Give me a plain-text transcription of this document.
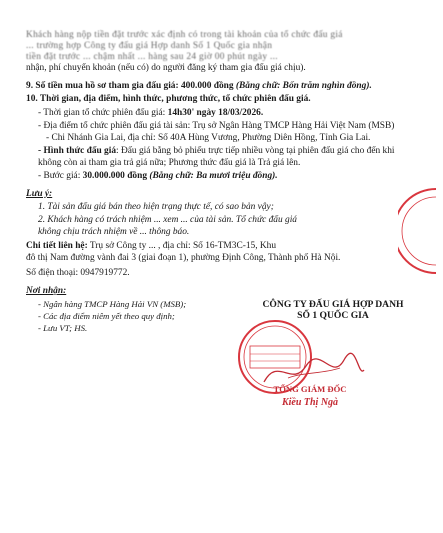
Khách hàng nộp tiền đặt trước xác định có trong tài khoản của tổ chức đấu giá
... trường hợp Công ty đấu giá Hợp danh Số 1 Quốc gia nhận
tiền đặt trước ... chậm nhất ... hàng sau 24 giờ 00 phút ngày ...
nhận, phí chuyển khoản (nếu có) do người đăng ký tham gia đấu giá chịu).
9. Số tiền mua hồ sơ tham gia đấu giá: 400.000 đồng (Bằng chữ: Bốn trăm nghìn đồng).
10. Thời gian, địa điểm, hình thức, phương thức, tổ chức phiên đấu giá.
- Thời gian tổ chức phiên đấu giá: 14h30' ngày 18/03/2026.
- Địa điểm tổ chức phiên đấu giá tài sản: Trụ sở Ngân Hàng TMCP Hàng Hải Việt Nam (MSB)
- Chi Nhánh Gia Lai, địa chỉ: Số 40A Hùng Vương, Phường Diên Hồng, Tỉnh Gia Lai.
- Hình thức đấu giá: Đấu giá bằng bỏ phiếu trực tiếp nhiều vòng tại phiên đấu giá cho đến khi
không còn ai tham gia trả giá nữa; Phương thức đấu giá là Trả giá lên.
- Bước giá: 30.000.000 đồng (Bằng chữ: Ba mươi triệu đồng).
Lưu ý:
1. Tài sản đấu giá bán theo hiện trạng thực tế, có sao bản vậy;
2. Khách hàng có trách nhiệm ... xem ... của tài sản. Tổ chức đấu giá
không chịu trách nhiệm về ... thông báo.
Chi tiết liên hệ: Trụ sở Công ty ... , địa chỉ: Số 16-TM3C-15, Khu
đô thị Nam đường vành đai 3 (giai đoạn 1), phường Định Công, Thành phố Hà Nội.
Số điện thoại: 0947919772.
Nơi nhận:
- Ngân hàng TMCP Hàng Hải VN (MSB);
- Các địa điểm niêm yết theo quy định;
- Lưu VT; HS.
CÔNG TY ĐẤU GIÁ HỢP DANH
SỐ 1 QUỐC GIA
TỔNG GIÁM ĐỐC
Kiều Thị Ngà
